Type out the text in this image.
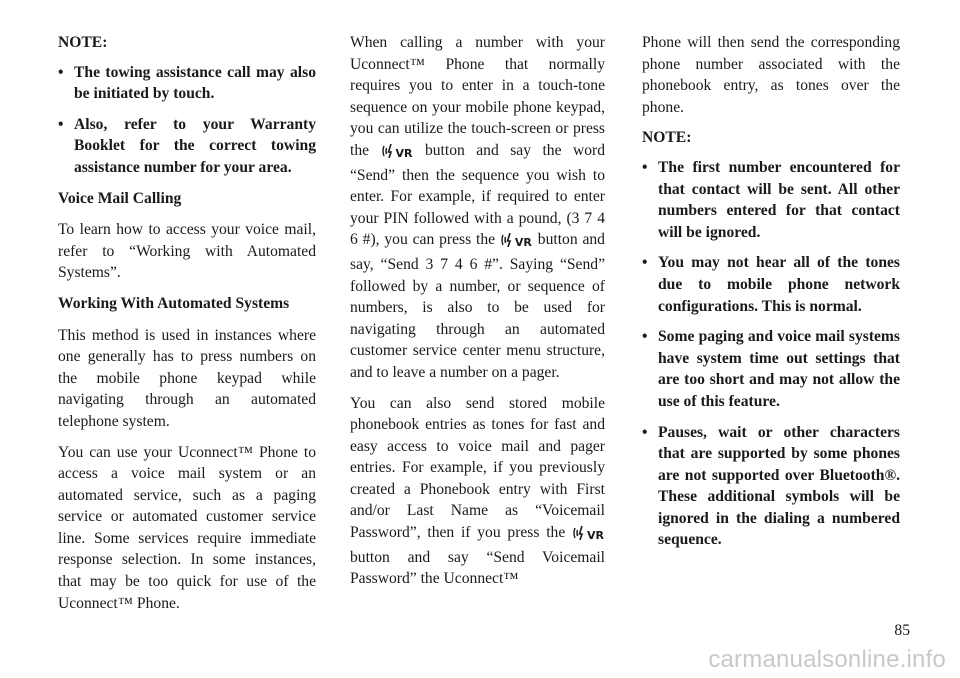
NOTE:

• The towing assistance call may also be initiated by touch.
• Also, refer to your Warranty Booklet for the correct towing assistance number for your area.

Voice Mail Calling

To learn how to access your voice mail, refer to “Working with Automated Systems”.

Working With Automated Systems

This method is used in instances where one generally has to press numbers on the mobile phone keypad while navigating through an automated telephone system.

You can use your Uconnect™ Phone to access a voice mail system or an automated service, such as a paging service or automated customer service line. Some services require immediate response selection. In some instances, that may be too quick for use of the Uconnect™ Phone.

When calling a number with your Uconnect™ Phone that normally requires you to enter in a touch-tone sequence on your mobile phone keypad, you can utilize the touch-screen or press the VR button and say the word “Send” then the sequence you wish to enter. For example, if required to enter your PIN followed with a pound, (3 7 4 6 #), you can press the VR button and say, “Send 3 7 4 6 #”. Saying “Send” followed by a number, or sequence of numbers, is also to be used for navigating through an automated customer service center menu structure, and to leave a number on a pager.

You can also send stored mobile phonebook entries as tones for fast and easy access to voice mail and pager entries. For example, if you previously created a Phonebook entry with First and/or Last Name as “Voicemail Password”, then if you press the VR button and say “Send Voicemail Password” the Uconnect™

Phone will then send the corresponding phone number associated with the phonebook entry, as tones over the phone.

NOTE:

• The first number encountered for that contact will be sent. All other numbers entered for that contact will be ignored.
• You may not hear all of the tones due to mobile phone network configurations. This is normal.
• Some paging and voice mail systems have system time out settings that are too short and may not allow the use of this feature.
• Pauses, wait or other characters that are supported by some phones are not supported over Bluetooth®. These additional symbols will be ignored in the dialing a numbered sequence.
85
carmanualsonline.info
